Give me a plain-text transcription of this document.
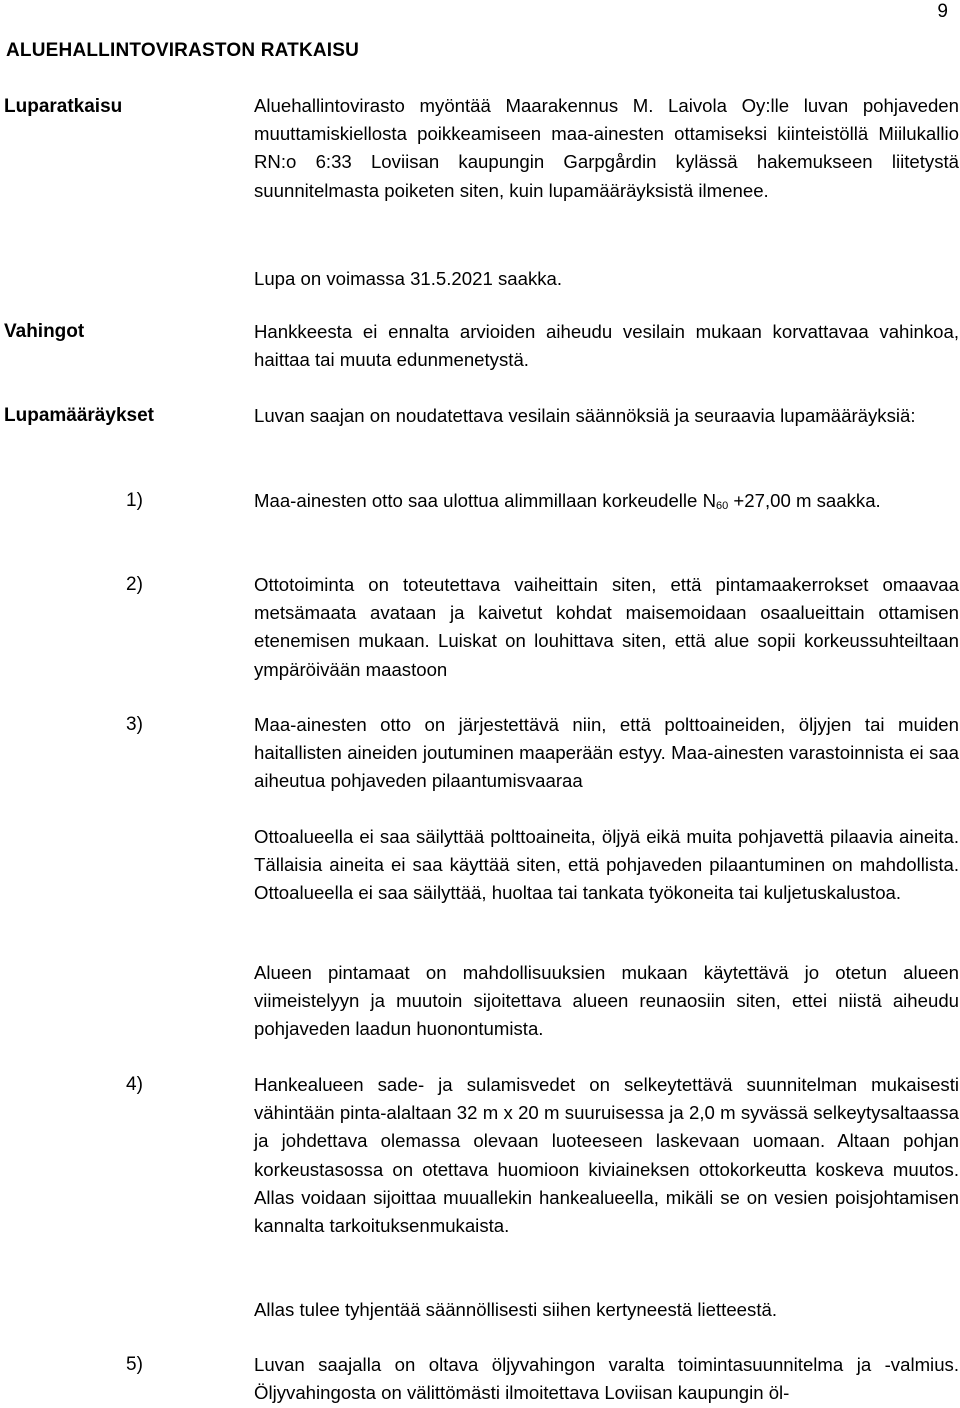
9
ALUEHALLINTOVIRASTON RATKAISU
Luparatkaisu	Aluehallintovirasto myöntää Maarakennus M. Laivola Oy:lle luvan pohjaveden muuttamiskiellosta poikkeamiseen maa-ainesten ottamiseksi kiinteistöllä Miilukallio RN:o 6:33 Loviisan kaupungin Garpgårdin kylässä hakemukseen liitetystä suunnitelmasta poiketen siten, kuin lupamääräyksistä ilmenee.

Lupa on voimassa 31.5.2021 saakka.

Vahingot	Hankkeesta ei ennalta arvioiden aiheudu vesilain mukaan korvattavaa vahinkoa, haittaa tai muuta edunmenetystä.

Lupamääräykset	Luvan saajan on noudatettava vesilain säännöksiä ja seuraavia lupamääräyksiä:

1)	Maa-ainesten otto saa ulottua alimmillaan korkeudelle $N_{60} +27,00$ m saakka.

2)	Ottotoiminta on toteutettava vaiheittain siten, että pintamaakerrokset omaavaa metsämaata avataan ja kaivetut kohdat maisemoidaan osaalueittain ottamisen etenemisen mukaan. Luiskat on louhittava siten, että alue sopii korkeussuhteiltaan ympäröivään maastoon

3)	Maa-ainesten otto on järjestettävä niin, että polttoaineiden, öljyjen tai muiden haitallisten aineiden joutuminen maaperään estyy. Maa-ainesten varastoinnista ei saa aiheutua pohjaveden pilaantumisvaaraa

Ottoalueella ei saa säilyttää polttoaineita, öljyä eikä muita pohjavettä pilaavia aineita. Tällaisia aineita ei saa käyttää siten, että pohjaveden pilaantuminen on mahdollista. Ottoalueella ei saa säilyttää, huoltaa tai tankata työkoneita tai kuljetuskalustoa.

Alueen pintamaat on mahdollisuuksien mukaan käytettävä jo otetun alueen viimeistelyyn ja muutoin sijoitettava alueen reunaosiin siten, ettei niistä aiheudu pohjaveden laadun huonontumista.

4)	Hankealueen sade- ja sulamisvedet on selkeytettävä suunnitelman mukaisesti vähintään pinta-alaltaan 32 m x 20 m suuruisessa ja 2,0 m syvässä selkeytysaltaassa ja johdettava olemassa olevaan luoteeseen laskevaan uomaan. Altaan pohjan korkeustasossa on otettava huomioon kiviaineksen ottokorkeutta koskeva muutos. Allas voidaan sijoittaa muuallekin hankealueella, mikäli se on vesien poisjohtamisen kannalta tarkoituksenmukaista.

Allas tulee tyhjentää säännöllisesti siihen kertyneestä lietteestä.

5)	Luvan saajalla on oltava öljyvahingon varalta toimintasuunnitelma ja -valmius. Öljyvahingosta on välittömästi ilmoitettava Loviisan kaupungin öl-
